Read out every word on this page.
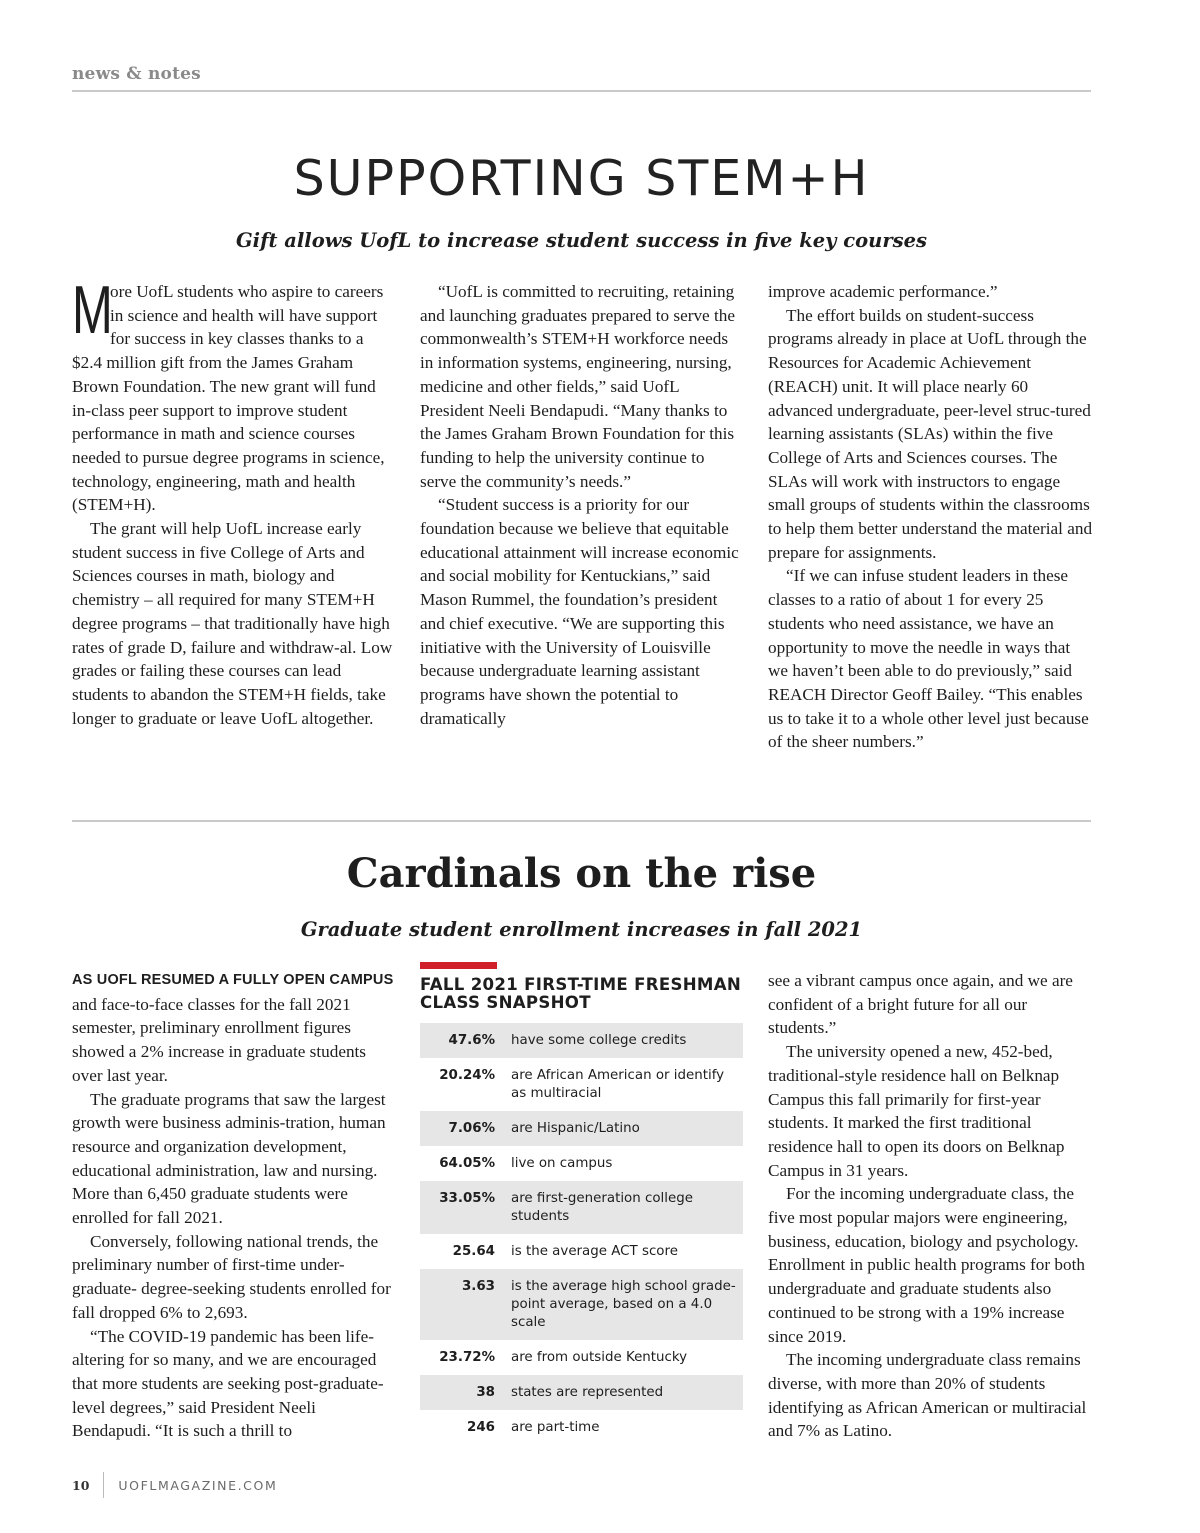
news & notes
SUPPORTING STEM+H
Gift allows UofL to increase student success in five key courses

M
ore UofL students who aspire to careers in science and health will have support for success in key classes thanks to a $2.4 million gift from the James Graham Brown Foundation. The new grant will fund in-class peer support to improve student performance in math and science courses needed to pursue degree programs in science, technology, engineering, math and health (STEM+H).

The grant will help UofL increase early student success in five College of Arts and Sciences courses in math, biology and chemistry – all required for many STEM+H degree programs – that traditionally have high rates of grade D, failure and withdraw-al. Low grades or failing these courses can lead students to abandon the STEM+H fields, take longer to graduate or leave UofL altogether.

“UofL is committed to recruiting, retaining and launching graduates prepared to serve the commonwealth’s STEM+H workforce needs in information systems, engineering, nursing, medicine and other fields,” said UofL President Neeli Bendapudi. “Many thanks to the James Graham Brown Foundation for this funding to help the university continue to serve the community’s needs.”

“Student success is a priority for our foundation because we believe that equitable educational attainment will increase economic and social mobility for Kentuckians,” said Mason Rummel, the foundation’s president and chief executive. “We are supporting this initiative with the University of Louisville because undergraduate learning assistant programs have shown the potential to dramatically

improve academic performance.”

The effort builds on student-success programs already in place at UofL through the Resources for Academic Achievement (REACH) unit. It will place nearly 60 advanced undergraduate, peer-level struc-tured learning assistants (SLAs) within the five College of Arts and Sciences courses. The SLAs will work with instructors to engage small groups of students within the classrooms to help them better understand the material and prepare for assignments.

“If we can infuse student leaders in these classes to a ratio of about 1 for every 25 students who need assistance, we have an opportunity to move the needle in ways that we haven’t been able to do previously,” said REACH Director Geoff Bailey. “This enables us to take it to a whole other level just because of the sheer numbers.”

Cardinals on the rise
Graduate student enrollment increases in fall 2021
AS UOFL RESUMED A FULLY OPEN CAMPUS

and face-to-face classes for the fall 2021 semester, preliminary enrollment figures showed a 2% increase in graduate students over last year.

The graduate programs that saw the largest growth were business adminis-tration, human resource and organization development, educational administration, law and nursing. More than 6,450 graduate students were enrolled for fall 2021.

Conversely, following national trends, the preliminary number of first-time under-graduate- degree-seeking students enrolled for fall dropped 6% to 2,693.

“The COVID-19 pandemic has been life-altering for so many, and we are encouraged that more students are seeking post-graduate-level degrees,” said President Neeli Bendapudi. “It is such a thrill to

FALL 2021 FIRST-TIME FRESHMAN CLASS SNAPSHOT
47.6% have some college credits
20.24% are African American or identify as multiracial
7.06% are Hispanic/Latino
64.05% live on campus
33.05% are first-generation college students
25.64 is the average ACT score
3.63 is the average high school grade-point average, based on a 4.0 scale
23.72% are from outside Kentucky
38 states are represented
246 are part-time

see a vibrant campus once again, and we are confident of a bright future for all our students.”

The university opened a new, 452-bed, traditional-style residence hall on Belknap Campus this fall primarily for first-year students. It marked the first traditional residence hall to open its doors on Belknap Campus in 31 years.

For the incoming undergraduate class, the five most popular majors were engineering, business, education, biology and psychology. Enrollment in public health programs for both undergraduate and graduate students also continued to be strong with a 19% increase since 2019.

The incoming undergraduate class remains diverse, with more than 20% of students identifying as African American or multiracial and 7% as Latino.

10 UOFLMAGAZINE.COM
